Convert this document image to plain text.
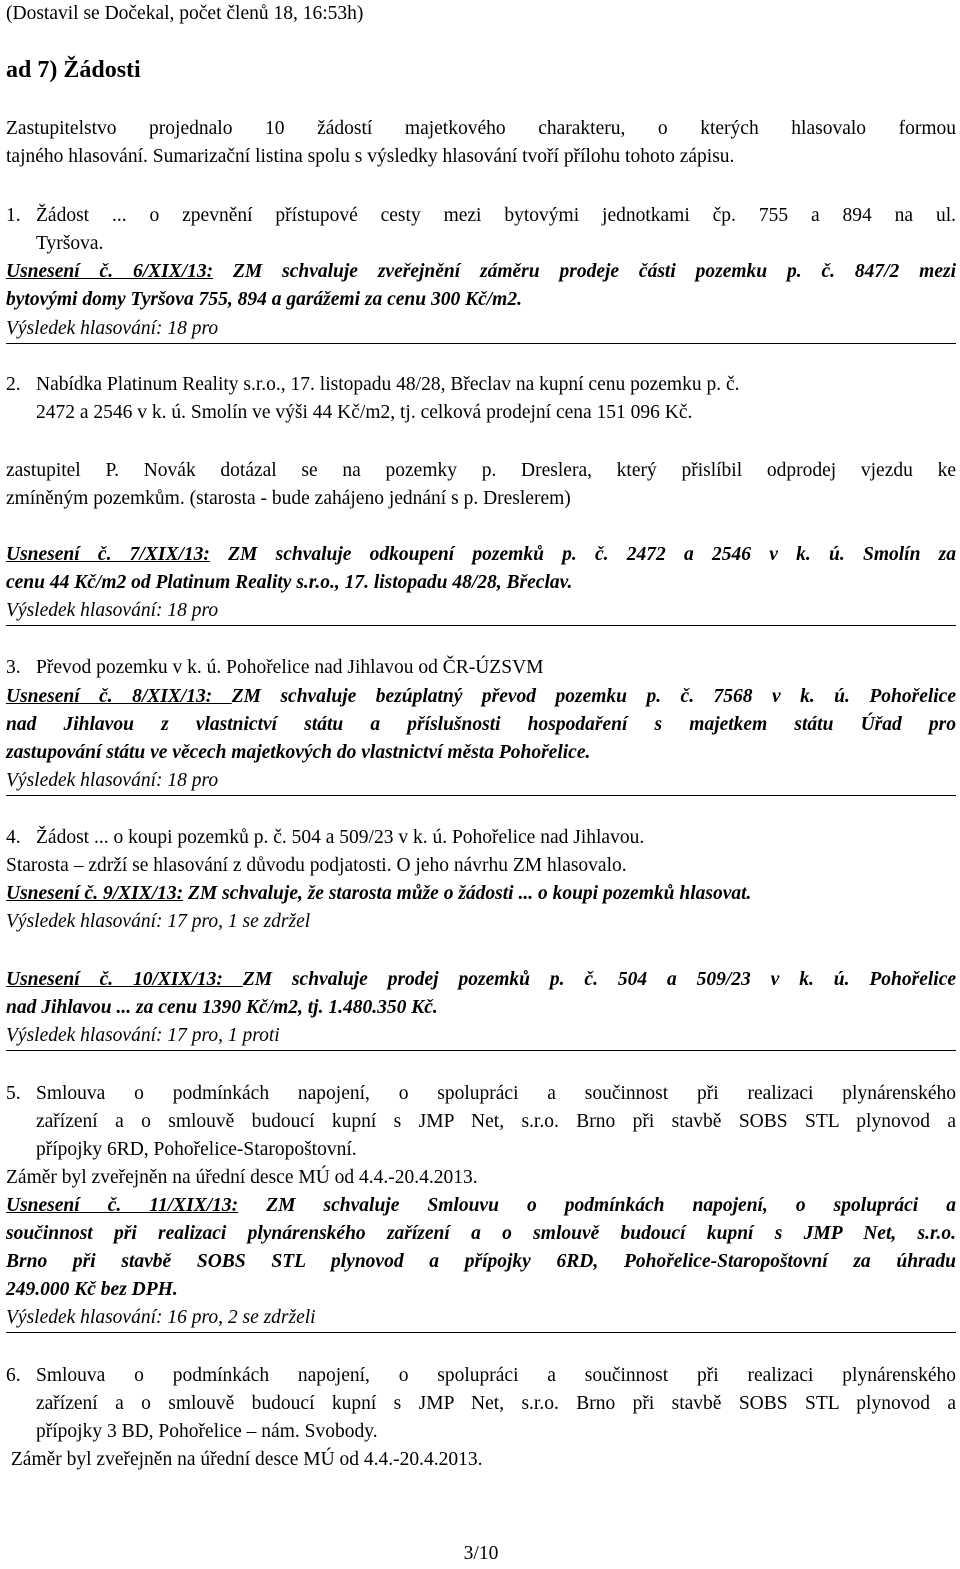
(Dostavil se Dočekal, počet členů 18, 16:53h)

ad 7) Žádosti

Zastupitelstvo projednalo 10 žádostí majetkového charakteru, o kterých hlasovalo formou

tajného hlasování. Sumarizační listina spolu s výsledky hlasování tvoří přílohu tohoto zápisu.

1. Žádost ... o zpevnění přístupové cesty mezi bytovými jednotkami čp. 755 a 894 na ul.

Tyršova.

Usnesení č. 6/XIX/13: ZM schvaluje zveřejnění záměru prodeje části pozemku p. č. 847/2 mezi

bytovými domy Tyršova 755, 894 a garážemi za cenu 300 Kč/m2.

Výsledek hlasování: 18 pro

2. Nabídka Platinum Reality s.r.o., 17. listopadu 48/28, Břeclav na kupní cenu pozemku p. č.

2472 a 2546 v k. ú. Smolín ve výši 44 Kč/m2, tj. celková prodejní cena 151 096 Kč.

zastupitel P. Novák dotázal se na pozemky p. Dreslera, který přislíbil odprodej vjezdu ke

zmíněným pozemkům. (starosta - bude zahájeno jednání s p. Dreslerem)

Usnesení č. 7/XIX/13: ZM schvaluje odkoupení pozemků p. č. 2472 a 2546 v k. ú. Smolín za

cenu 44 Kč/m2 od Platinum Reality s.r.o., 17. listopadu 48/28, Břeclav.

Výsledek hlasování: 18 pro

3. Převod pozemku v k. ú. Pohořelice nad Jihlavou od ČR-ÚZSVM

Usnesení č. 8/XIX/13: ZM schvaluje bezúplatný převod pozemku p. č. 7568 v k. ú. Pohořelice

nad Jihlavou z vlastnictví státu a příslušnosti hospodaření s majetkem státu Úřad pro

zastupování státu ve věcech majetkových do vlastnictví města Pohořelice.

Výsledek hlasování: 18 pro

4. Žádost ... o koupi pozemků p. č. 504 a 509/23 v k. ú. Pohořelice nad Jihlavou.

Starosta – zdrží se hlasování z důvodu podjatosti. O jeho návrhu ZM hlasovalo.

Usnesení č. 9/XIX/13: ZM schvaluje, že starosta může o žádosti ... o koupi pozemků hlasovat.

Výsledek hlasování: 17 pro, 1 se zdržel

Usnesení č. 10/XIX/13: ZM schvaluje prodej pozemků p. č. 504 a 509/23 v k. ú. Pohořelice

nad Jihlavou ... za cenu 1390 Kč/m2, tj. 1.480.350 Kč.

Výsledek hlasování: 17 pro, 1 proti

5. Smlouva o podmínkách napojení, o spolupráci a součinnost při realizaci plynárenského

zařízení a o smlouvě budoucí kupní s JMP Net, s.r.o. Brno při stavbě SOBS STL plynovod a

přípojky 6RD, Pohořelice-Staropoštovní.

Záměr byl zveřejněn na úřední desce MÚ od 4.4.-20.4.2013.

Usnesení č. 11/XIX/13: ZM schvaluje Smlouvu o podmínkách napojení, o spolupráci a

součinnost při realizaci plynárenského zařízení a o smlouvě budoucí kupní s JMP Net, s.r.o.

Brno při stavbě SOBS STL plynovod a přípojky 6RD, Pohořelice-Staropoštovní za úhradu

249.000 Kč bez DPH.

Výsledek hlasování: 16 pro, 2 se zdrželi

6. Smlouva o podmínkách napojení, o spolupráci a součinnost při realizaci plynárenského

zařízení a o smlouvě budoucí kupní s JMP Net, s.r.o. Brno při stavbě SOBS STL plynovod a

přípojky 3 BD, Pohořelice – nám. Svobody.

Záměr byl zveřejněn na úřední desce MÚ od 4.4.-20.4.2013.

3/10
